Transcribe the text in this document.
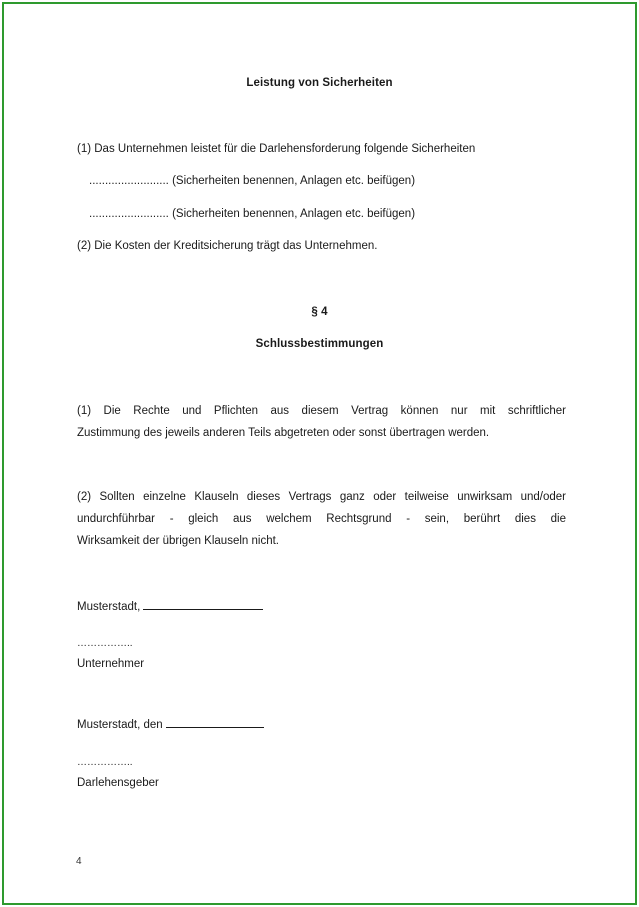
Leistung von Sicherheiten
(1) Das Unternehmen leistet für die Darlehensforderung folgende Sicherheiten
......................... (Sicherheiten benennen, Anlagen etc. beifügen)
......................... (Sicherheiten benennen, Anlagen etc. beifügen)
(2) Die Kosten der Kreditsicherung trägt das Unternehmen.
§ 4
Schlussbestimmungen
(1) Die Rechte und Pflichten aus diesem Vertrag können nur mit schriftlicher
Zustimmung des jeweils anderen Teils abgetreten oder sonst übertragen werden.
(2) Sollten einzelne Klauseln dieses Vertrags ganz oder teilweise unwirksam und/oder
undurchführbar - gleich aus welchem Rechtsgrund - sein, berührt dies die
Wirksamkeit der übrigen Klauseln nicht.
Musterstadt,
……………..
Unternehmer
Musterstadt, den
……………..
Darlehensgeber
4
